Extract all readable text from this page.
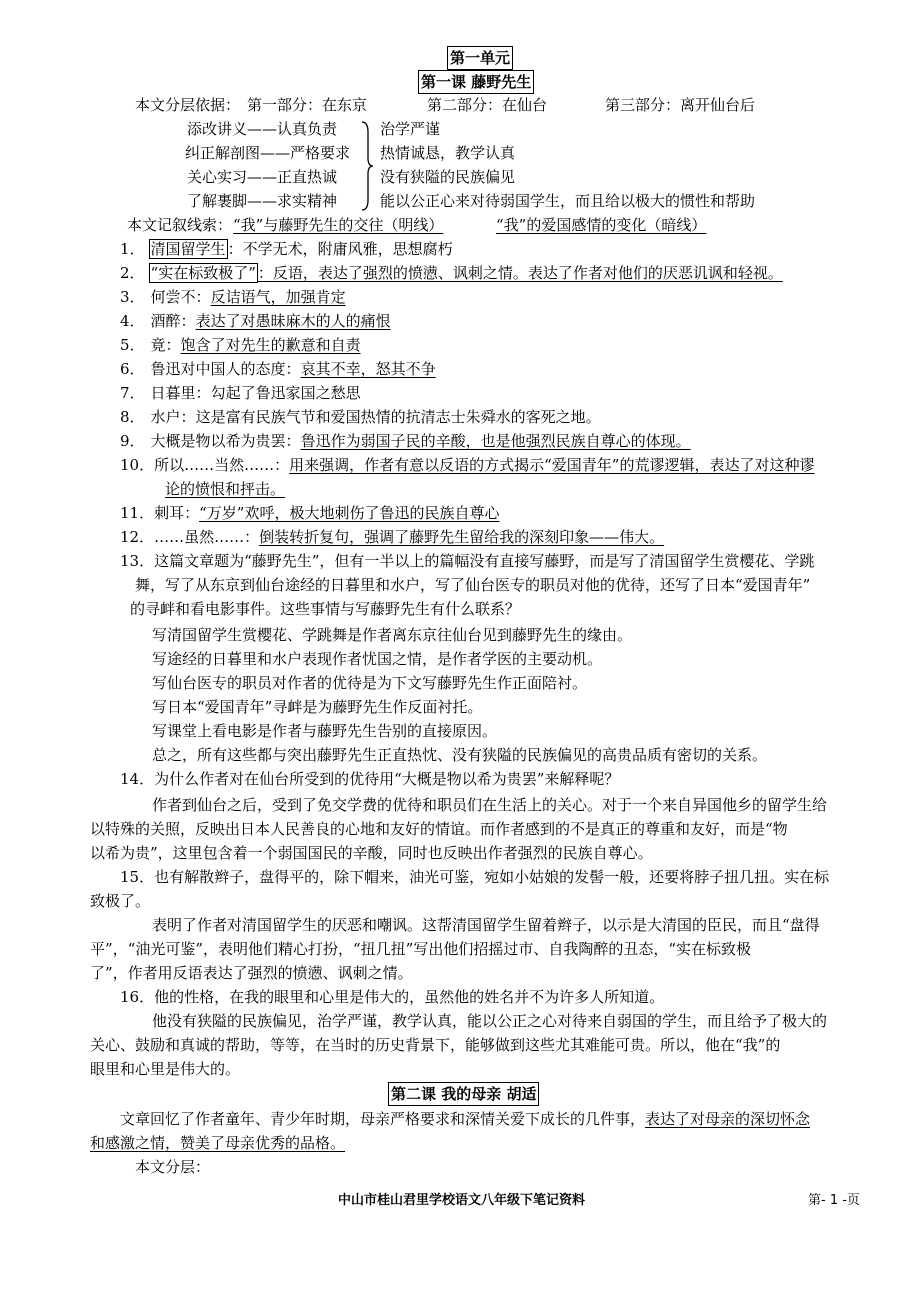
第一单元
第一课 藤野先生
本文分层依据： 第一部分：在东京	第二部分：在仙台	第三部分：离开仙台后
添改讲义——认真负责
纠正解剖图——严格要求
关心实习——正直热诚
了解裹脚——求实精神
治学严谨
热情诚恳，教学认真
没有狭隘的民族偏见
能以公正心来对待弱国学生，而且给以极大的惯性和帮助
本文记叙线索： “我”与藤野先生的交往（明线）	“我”的爱国感情的变化（暗线）
1． 清国留学生 ：不学无术，附庸风雅，思想腐朽
2． “实在标致极了” ：反语，表达了强烈的愤懑、讽刺之情。表达了作者对他们的厌恶讥讽和轻视。
3． 何尝不：反诘语气，加强肯定
4． 酒醉：表达了对愚昧麻木的人的痛恨
5． 竟：饱含了对先生的歉意和自责
6． 鲁迅对中国人的态度：哀其不幸，怒其不争
7． 日暮里：勾起了鲁迅家国之愁思
8． 水户：这是富有民族气节和爱国热情的抗清志士朱舜水的客死之地。
9． 大概是物以希为贵罢：鲁迅作为弱国子民的辛酸，也是他强烈民族自尊心的体现。
10．所以……当然……：用来强调，作者有意以反语的方式揭示“爱国青年”的荒谬逻辑，表达了对这种谬
论的愤恨和抨击。
11．刺耳：“万岁”欢呼，极大地刺伤了鲁迅的民族自尊心
12．……虽然……：倒装转折复句，强调了藤野先生留给我的深刻印象——伟大。
13．这篇文章题为“藤野先生”，但有一半以上的篇幅没有直接写藤野，而是写了清国留学生赏樱花、学跳
舞，写了从东京到仙台途经的日暮里和水户，写了仙台医专的职员对他的优待，还写了日本“爱国青年”
的寻衅和看电影事件。这些事情与写藤野先生有什么联系？
写清国留学生赏樱花、学跳舞是作者离东京往仙台见到藤野先生的缘由。
写途经的日暮里和水户表现作者忧国之情，是作者学医的主要动机。
写仙台医专的职员对作者的优待是为下文写藤野先生作正面陪衬。
写日本“爱国青年”寻衅是为藤野先生作反面衬托。
写课堂上看电影是作者与藤野先生告别的直接原因。
总之，所有这些都与突出藤野先生正直热忱、没有狭隘的民族偏见的高贵品质有密切的关系。
14．为什么作者对在仙台所受到的优待用“大概是物以希为贵罢”来解释呢？
作者到仙台之后，受到了免交学费的优待和职员们在生活上的关心。对于一个来自异国他乡的留学生给
以特殊的关照，反映出日本人民善良的心地和友好的情谊。而作者感到的不是真正的尊重和友好，而是“物
以希为贵”，这里包含着一个弱国国民的辛酸，同时也反映出作者强烈的民族自尊心。
15．也有解散辫子，盘得平的，除下帽来，油光可鉴，宛如小姑娘的发髻一般，还要将脖子扭几扭。实在标
致极了。
表明了作者对清国留学生的厌恶和嘲讽。这帮清国留学生留着辫子，以示是大清国的臣民，而且“盘得
平”，“油光可鉴”，表明他们精心打扮，“扭几扭”写出他们招摇过市、自我陶醉的丑态，“实在标致极
了”，作者用反语表达了强烈的愤懑、讽刺之情。
16．他的性格，在我的眼里和心里是伟大的，虽然他的姓名并不为许多人所知道。
他没有狭隘的民族偏见，治学严谨，教学认真，能以公正之心对待来自弱国的学生，而且给予了极大的
关心、鼓励和真诚的帮助，等等，在当时的历史背景下，能够做到这些尤其难能可贵。所以，他在“我”的
眼里和心里是伟大的。
第二课 我的母亲 胡适
文章回忆了作者童年、青少年时期，母亲严格要求和深情关爱下成长的几件事，表达了对母亲的深切怀念
和感激之情，赞美了母亲优秀的品格。
本文分层：
中山市桂山君里学校语文八年级下笔记资料	第- 1 -页
